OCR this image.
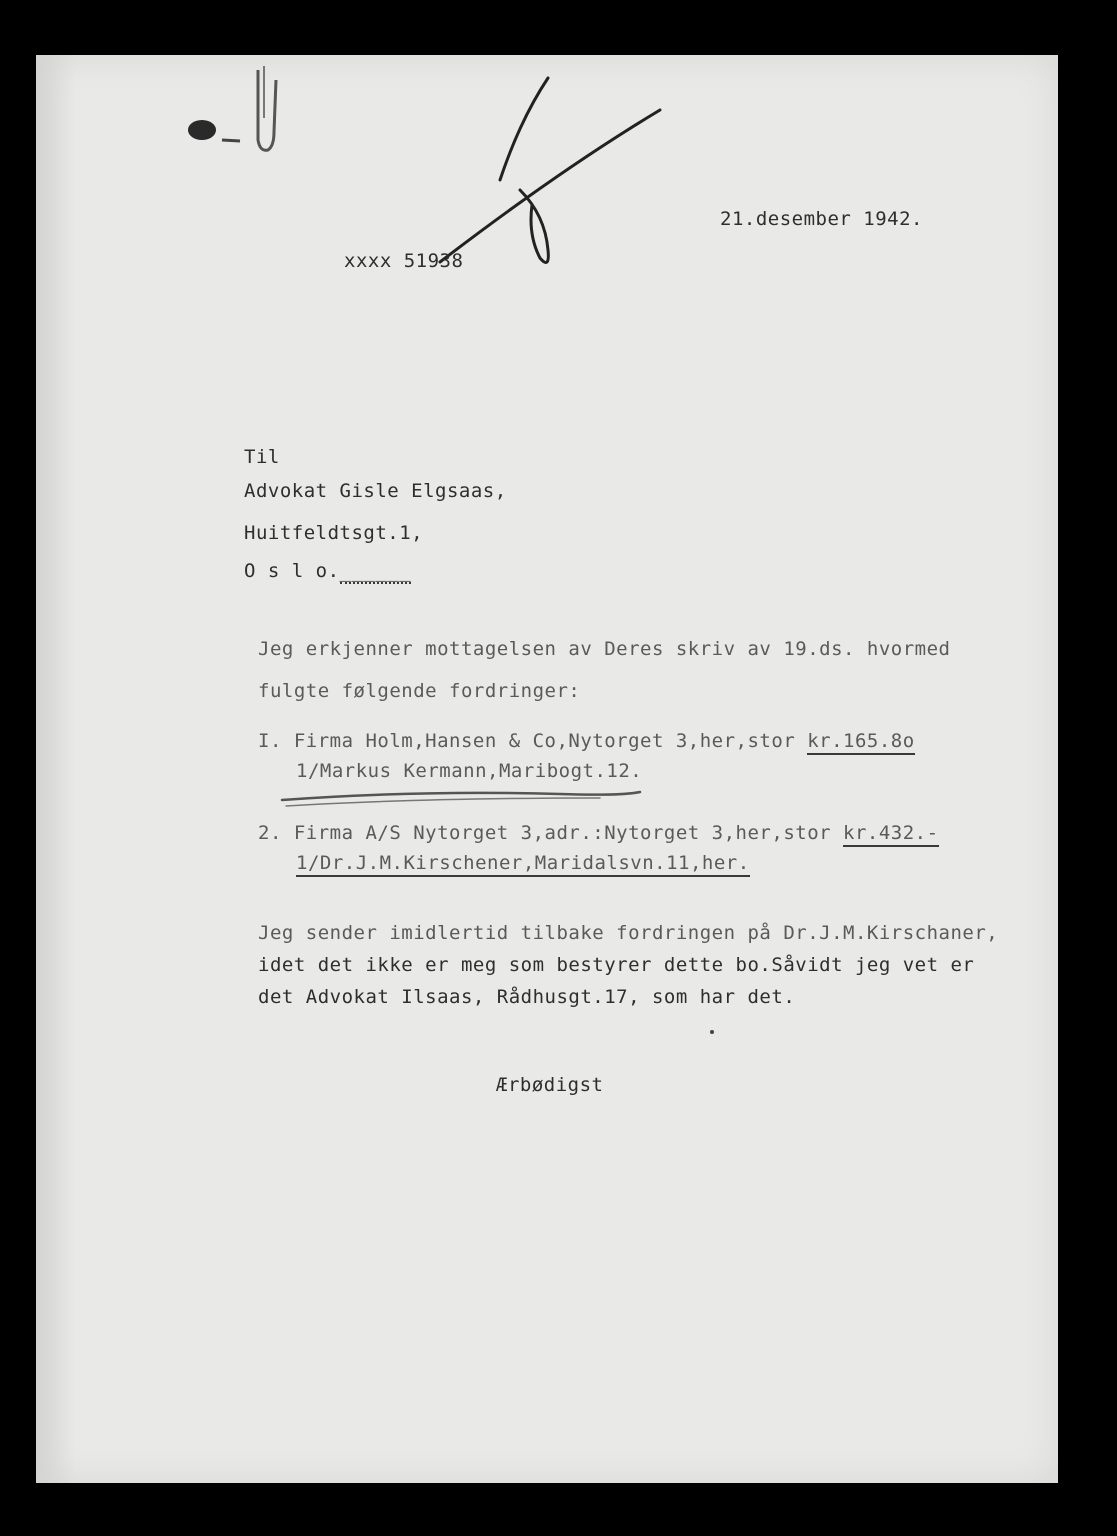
21.desember 1942.
xxxx 51938
Til
Advokat Gisle Elgsaas,
Huitfeldtsgt.1,
O s l o.______
Jeg erkjenner mottagelsen av Deres skriv av 19.ds. hvormed
fulgte følgende fordringer:
I. Firma Holm,Hansen & Co,Nytorget 3,her,stor kr.165.8o
1/Markus Kermann,Maribogt.12.
2. Firma A/S Nytorget 3,adr.:Nytorget 3,her,stor kr.432.-
1/Dr.J.M.Kirschener,Maridalsvn.11,her.
Jeg sender imidlertid tilbake fordringen på Dr.J.M.Kirschaner,
idet det ikke er meg som bestyrer dette bo.Såvidt jeg vet er
det Advokat Ilsaas, Rådhusgt.17, som har det.
Ærbødigst
